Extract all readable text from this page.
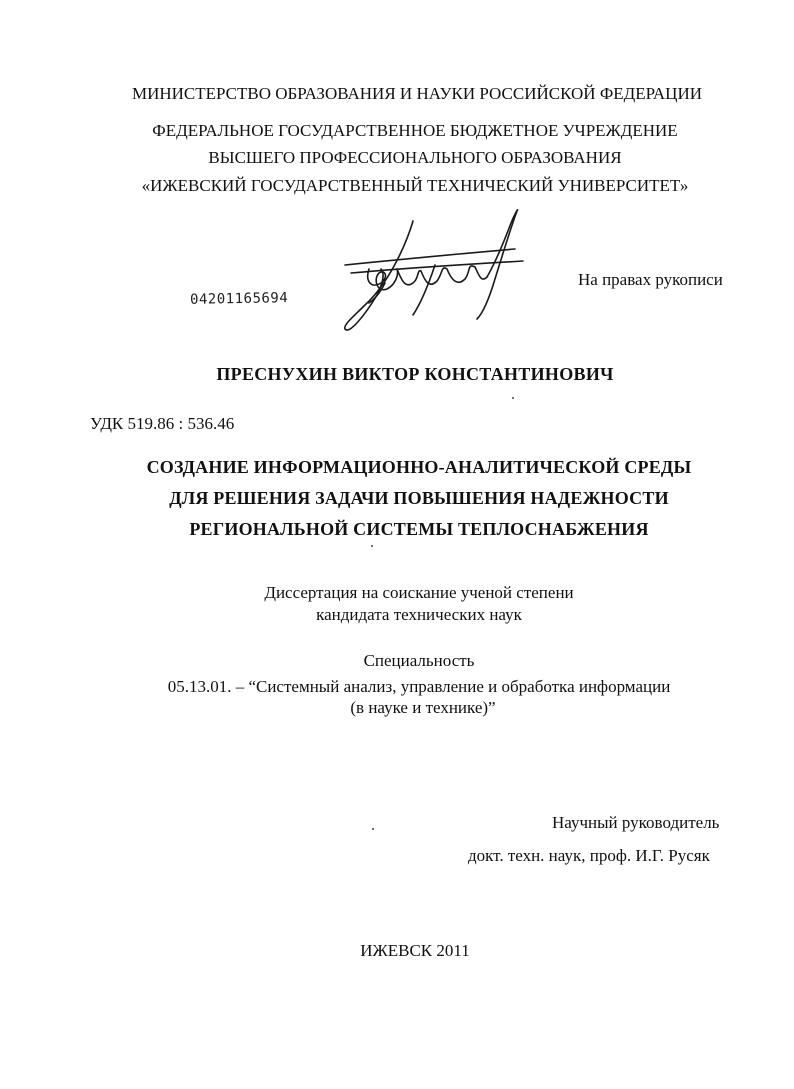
МИНИСТЕРСТВО ОБРАЗОВАНИЯ И НАУКИ РОССИЙСКОЙ ФЕДЕРАЦИИ
ФЕДЕРАЛЬНОЕ ГОСУДАРСТВЕННОЕ БЮДЖЕТНОЕ УЧРЕЖДЕНИЕ
ВЫСШЕГО ПРОФЕССИОНАЛЬНОГО ОБРАЗОВАНИЯ
«ИЖЕВСКИЙ ГОСУДАРСТВЕННЫЙ ТЕХНИЧЕСКИЙ УНИВЕРСИТЕТ»
04201165694
На правах рукописи
ПРЕСНУХИН ВИКТОР КОНСТАНТИНОВИЧ
УДК 519.86 : 536.46
СОЗДАНИЕ ИНФОРМАЦИОННО-АНАЛИТИЧЕСКОЙ СРЕДЫ
ДЛЯ РЕШЕНИЯ ЗАДАЧИ ПОВЫШЕНИЯ НАДЕЖНОСТИ
РЕГИОНАЛЬНОЙ СИСТЕМЫ ТЕПЛОСНАБЖЕНИЯ
Диссертация на соискание ученой степени
кандидата технических наук
Специальность
05.13.01. – “Системный анализ, управление и обработка информации
(в науке и технике)”
Научный руководитель
докт. техн. наук, проф. И.Г. Русяк
ИЖЕВСК 2011
